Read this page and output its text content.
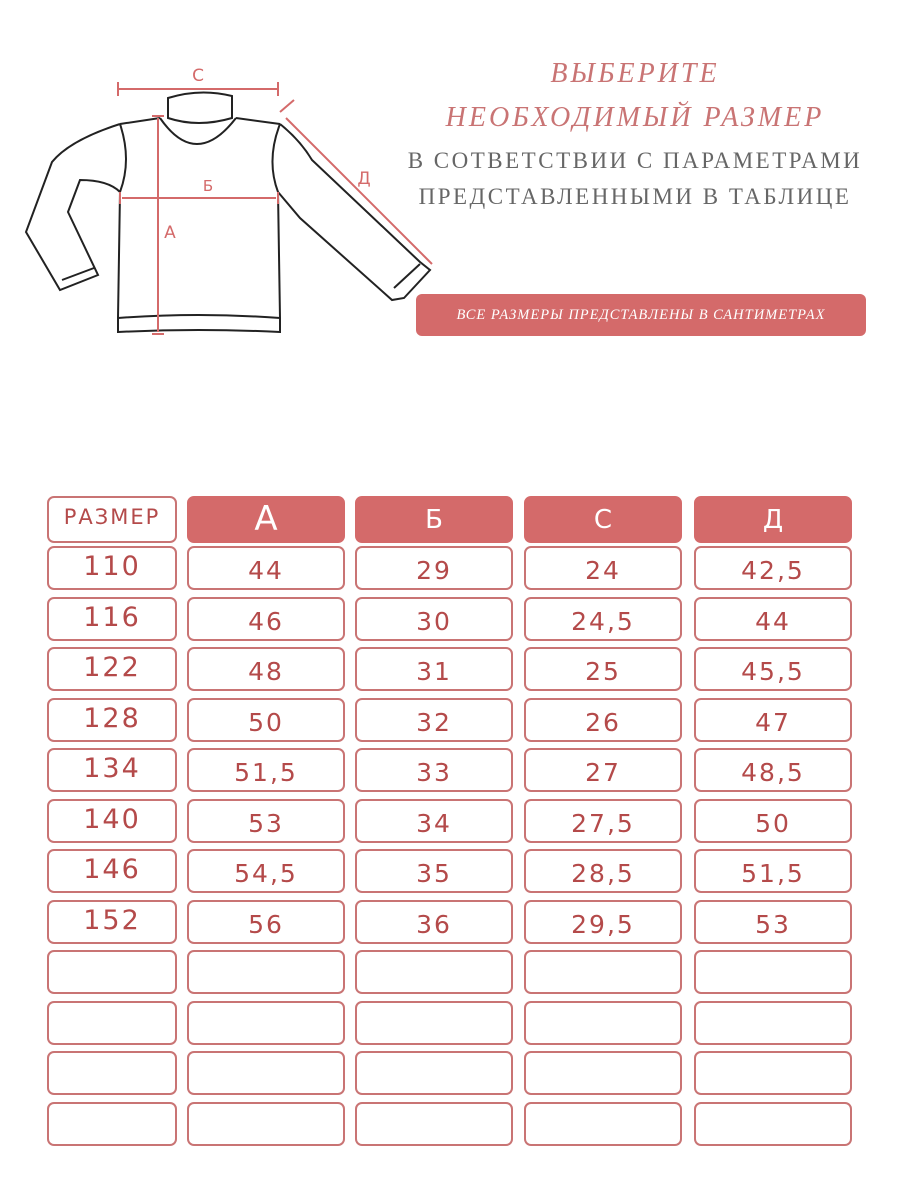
С
Б
А
Д
ВЫБЕРИТЕ
НЕОБХОДИМЫЙ РАЗМЕР
В СОТВЕТСТВИИ С ПАРАМЕТРАМИ
ПРЕДСТАВЛЕННЫМИ В ТАБЛИЦЕ
ВСЕ РАЗМЕРЫ ПРЕДСТАВЛЕНЫ В САНТИМЕТРАХ
РАЗМЕР	А	Б	С	Д
110	44	29	24	42,5
116	46	30	24,5	44
122	48	31	25	45,5
128	50	32	26	47
134	51,5	33	27	48,5
140	53	34	27,5	50
146	54,5	35	28,5	51,5
152	56	36	29,5	53
